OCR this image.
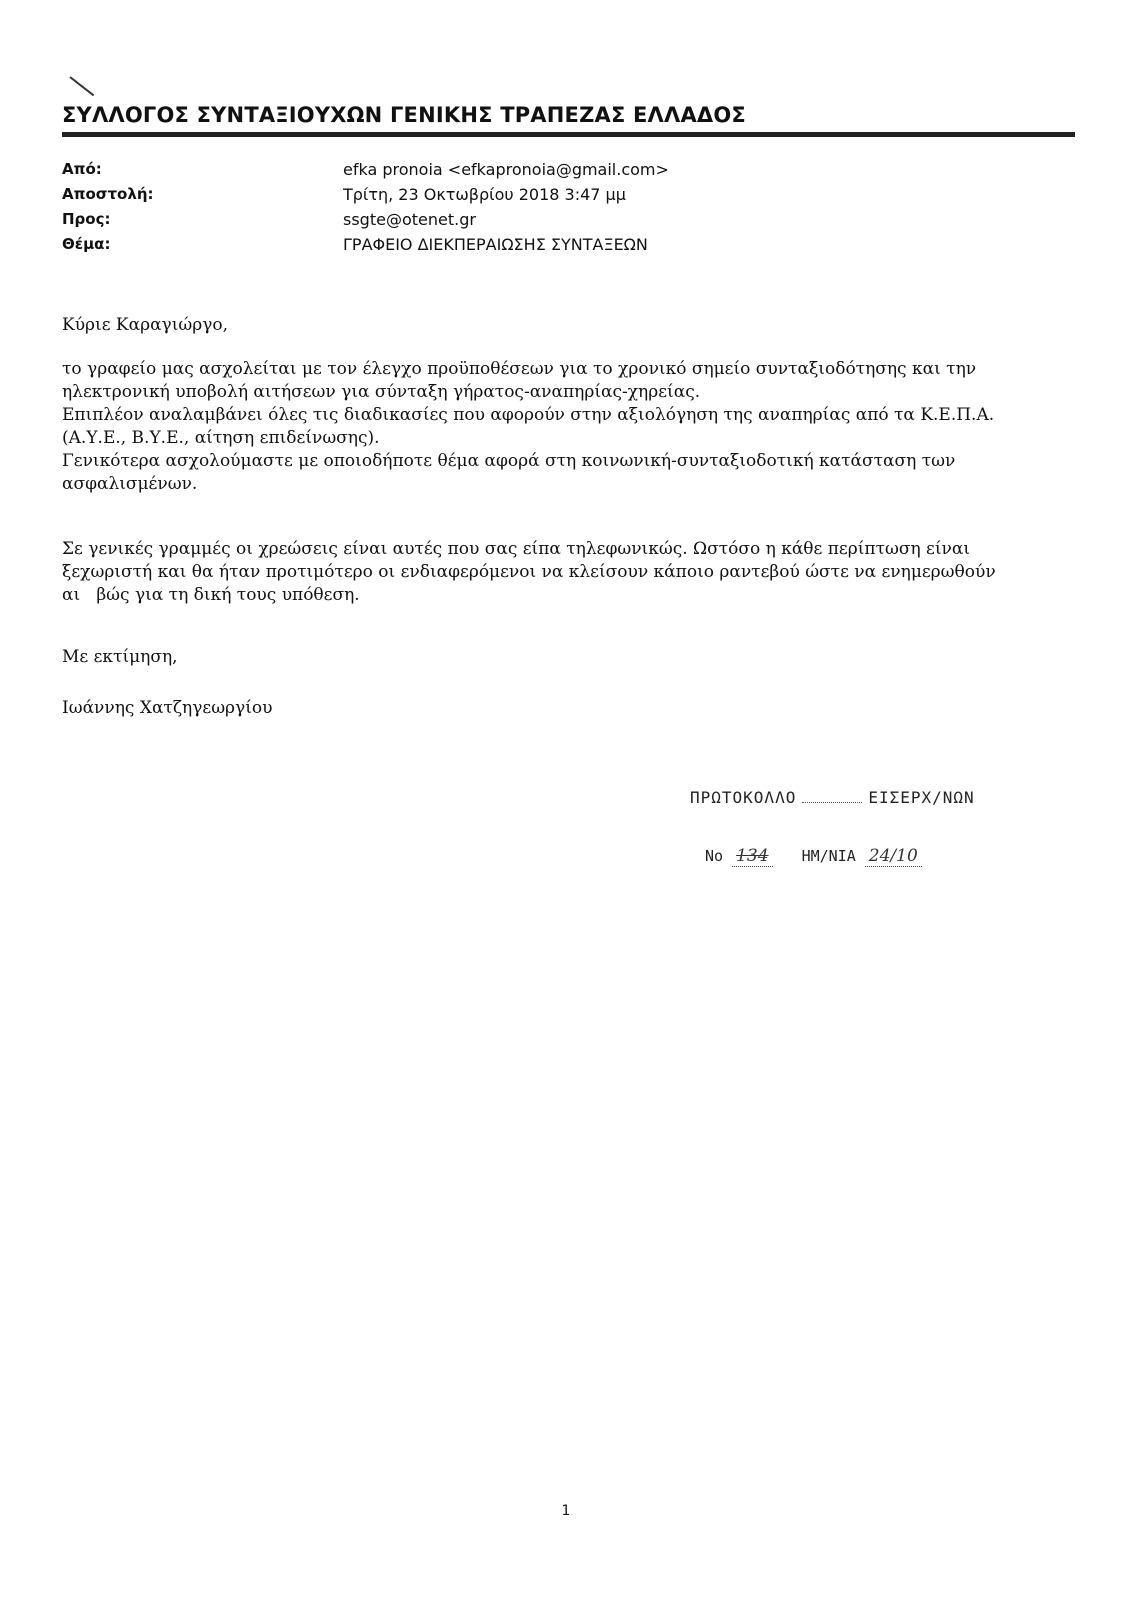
ΣΥΛΛΟΓΟΣ ΣΥΝΤΑΞΙΟΥΧΩΝ ΓΕΝΙΚΗΣ ΤΡΑΠΕΖΑΣ ΕΛΛΑΔΟΣ
Από:	efka pronoia <efkapronoia@gmail.com>
Αποστολή:	Τρίτη, 23 Οκτωβρίου 2018 3:47 μμ
Προς:	ssgte@otenet.gr
Θέμα:	ΓΡΑΦΕΙΟ ΔΙΕΚΠΕΡΑΙΩΣΗΣ ΣΥΝΤΑΞΕΩΝ

Κύριε Καραγιώργο,

το γραφείο μας ασχολείται με τον έλεγχο προϋποθέσεων για το χρονικό σημείο συνταξιοδότησης και την

ηλεκτρονική υποβολή αιτήσεων για σύνταξη γήρατος-αναπηρίας-χηρείας.

Επιπλέον αναλαμβάνει όλες τις διαδικασίες που αφορούν στην αξιολόγηση της αναπηρίας από τα Κ.Ε.Π.Α.

(Α.Υ.Ε., Β.Υ.Ε., αίτηση επιδείνωσης).

Γενικότερα ασχολούμαστε με οποιοδήποτε θέμα αφορά στη κοινωνική-συνταξιοδοτική κατάσταση των

ασφαλισμένων.

Σε γενικές γραμμές οι χρεώσεις είναι αυτές που σας είπα τηλεφωνικώς. Ωστόσο η κάθε περίπτωση είναι

ξεχωριστή και θα ήταν προτιμότερο οι ενδιαφερόμενοι να κλείσουν κάποιο ραντεβού ώστε να ενημερωθούν

αι   βώς για τη δική τους υπόθεση.

Με εκτίμηση,

Ιωάννης Χατζηγεωργίου

ΠΡΩΤΟΚΟΛΛΟ	ΕΙΣΕΡΧ/ΝΩΝ
Νο 134 ΗΜ/ΝΙΑ 24/10
1
